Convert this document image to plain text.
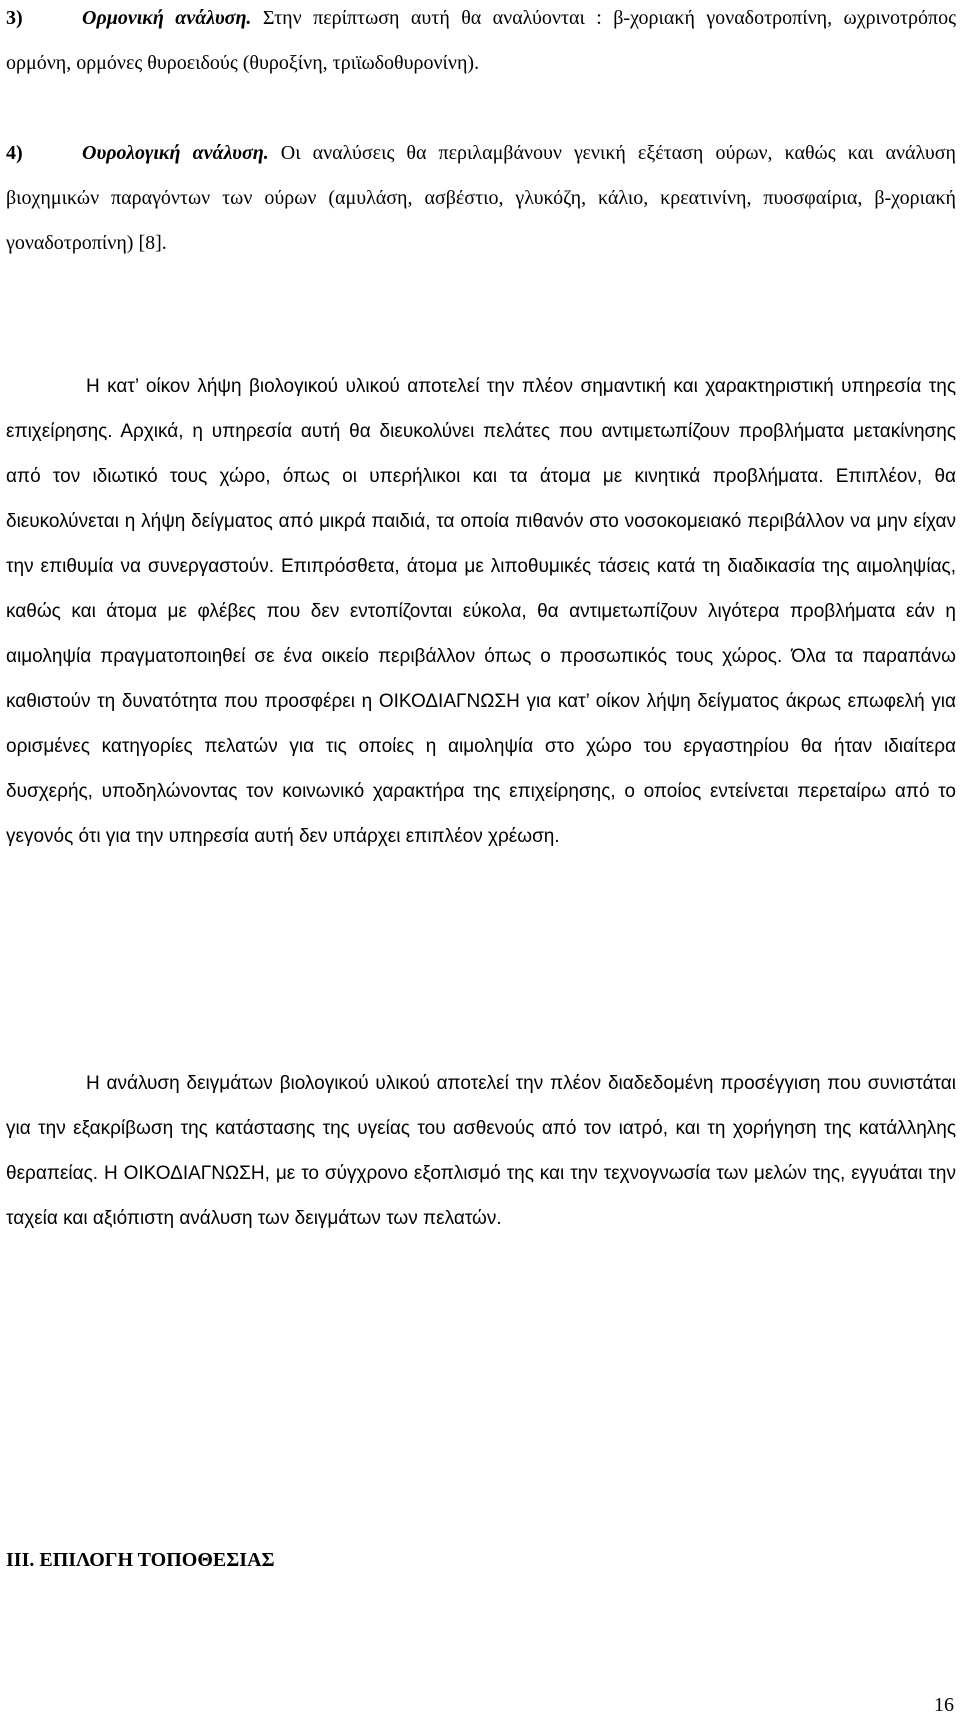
3)	Ορμονική ανάλυση. Στην περίπτωση αυτή θα αναλύονται : β-χοριακή γοναδοτροπίνη, ωχρινοτρόπος ορμόνη, ορμόνες θυροειδούς (θυροξίνη, τριϊωδοθυρονίνη).

4)	Ουρολογική ανάλυση. Οι αναλύσεις θα περιλαμβάνουν γενική εξέταση ούρων, καθώς και ανάλυση βιοχημικών παραγόντων των ούρων (αμυλάση, ασβέστιο, γλυκόζη, κάλιο, κρεατινίνη, πυοσφαίρια, β-χοριακή γοναδοτροπίνη) [8].

Η κατ’ οίκον λήψη βιολογικού υλικού αποτελεί την πλέον σημαντική και χαρακτηριστική υπηρεσία της επιχείρησης. Αρχικά, η υπηρεσία αυτή θα διευκολύνει πελάτες που αντιμετωπίζουν προβλήματα μετακίνησης από τον ιδιωτικό τους χώρο, όπως οι υπερήλικοι και τα άτομα με κινητικά προβλήματα. Επιπλέον, θα διευκολύνεται η λήψη δείγματος από μικρά παιδιά, τα οποία πιθανόν στο νοσοκομειακό περιβάλλον να μην είχαν την επιθυμία να συνεργαστούν. Επιπρόσθετα, άτομα με λιποθυμικές τάσεις κατά τη διαδικασία της αιμοληψίας, καθώς και άτομα με φλέβες που δεν εντοπίζονται εύκολα, θα αντιμετωπίζουν λιγότερα προβλήματα εάν η αιμοληψία πραγματοποιηθεί σε ένα οικείο περιβάλλον όπως ο προσωπικός τους χώρος. Όλα τα παραπάνω καθιστούν τη δυνατότητα που προσφέρει η ΟΙΚΟΔΙΑΓΝΩΣΗ για κατ’ οίκον λήψη δείγματος άκρως επωφελή για ορισμένες κατηγορίες πελατών για τις οποίες η αιμοληψία στο χώρο του εργαστηρίου θα ήταν ιδιαίτερα δυσχερής, υποδηλώνοντας τον κοινωνικό χαρακτήρα της επιχείρησης, ο οποίος εντείνεται περεταίρω από το γεγονός ότι για την υπηρεσία αυτή δεν υπάρχει επιπλέον χρέωση.

Η ανάλυση δειγμάτων βιολογικού υλικού αποτελεί την πλέον διαδεδομένη προσέγγιση που συνιστάται για την εξακρίβωση της κατάστασης της υγείας του ασθενούς από τον ιατρό, και τη χορήγηση της κατάλληλης θεραπείας. Η ΟΙΚΟΔΙΑΓΝΩΣΗ, με το σύγχρονο εξοπλισμό της και την τεχνογνωσία των μελών της, εγγυάται την ταχεία και αξιόπιστη ανάλυση των δειγμάτων των πελατών.

ΙΙΙ. ΕΠΙΛΟΓΗ ΤΟΠΟΘΕΣΙΑΣ
16
